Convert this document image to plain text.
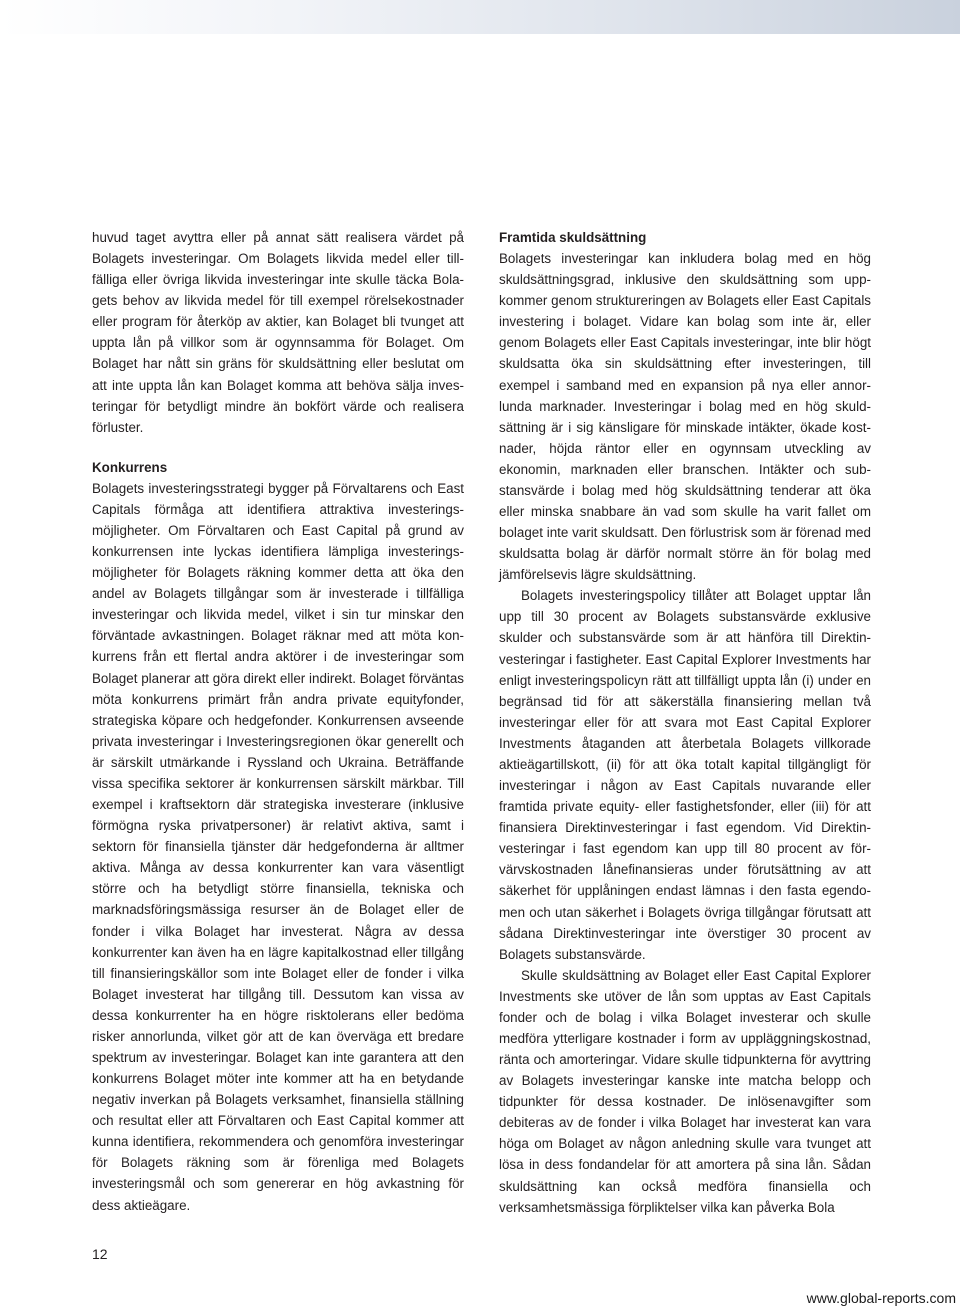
huvud taget avyttra eller på annat sätt realisera värdet på Bolagets investeringar. Om Bolagets likvida medel eller tillfälliga eller övriga likvida investeringar inte skulle täcka Bolagets behov av likvida medel för till exempel rörelsekostnader eller program för återköp av aktier, kan Bolaget bli tvunget att uppta lån på villkor som är ogynnsamma för Bolaget. Om Bolaget har nått sin gräns för skuldsättning eller beslutat om att inte uppta lån kan Bolaget komma att behöva sälja investeringar för betydligt mindre än bokfört värde och realisera förluster.

Konkurrens

Bolagets investeringsstrategi bygger på Förvaltarens och East Capitals förmåga att identifiera attraktiva investeringsmöjligheter. Om Förvaltaren och East Capital på grund av konkurrensen inte lyckas identifiera lämpliga investeringsmöjligheter för Bolagets räkning kommer detta att öka den andel av Bolagets tillgångar som är investerade i tillfälliga investeringar och likvida medel, vilket i sin tur minskar den förväntade avkastningen. Bolaget räknar med att möta konkurrens från ett flertal andra aktörer i de investeringar som Bolaget planerar att göra direkt eller indirekt. Bolaget förväntas möta konkurrens primärt från andra private equityfonder, strategiska köpare och hedgefonder. Konkurrensen avseende privata investeringar i Investeringsregionen ökar generellt och är särskilt utmärkande i Ryssland och Ukraina. Beträffande vissa specifika sektorer är konkurrensen särskilt märkbar. Till exempel i kraftsektorn där strategiska investerare (inklusive förmögna ryska privatpersoner) är relativt aktiva, samt i sektorn för finansiella tjänster där hedgefonderna är alltmer aktiva. Många av dessa konkurrenter kan vara väsentligt större och ha betydligt större finansiella, tekniska och marknadsföringsmässiga resurser än de Bolaget eller de fonder i vilka Bolaget har investerat. Några av dessa konkurrenter kan även ha en lägre kapitalkostnad eller tillgång till finansieringskällor som inte Bolaget eller de fonder i vilka Bolaget investerat har tillgång till. Dessutom kan vissa av dessa konkurrenter ha en högre risktolerans eller bedöma risker annorlunda, vilket gör att de kan överväga ett bredare spektrum av investeringar. Bolaget kan inte garantera att den konkurrens Bolaget möter inte kommer att ha en betydande negativ inverkan på Bolagets verksamhet, finansiella ställning och resultat eller att Förvaltaren och East Capital kommer att kunna identifiera, rekommendera och genomföra investeringar för Bolagets räkning som är förenliga med Bolagets investeringsmål och som genererar en hög avkastning för dess aktieägare.

Framtida skuldsättning

Bolagets investeringar kan inkludera bolag med en hög skuldsättningsgrad, inklusive den skuldsättning som uppkommer genom struktureringen av Bolagets eller East Capitals investering i bolaget. Vidare kan bolag som inte är, eller genom Bolagets eller East Capitals investeringar, inte blir högt skuldsatta öka sin skuldsättning efter investeringen, till exempel i samband med en expansion på nya eller annorlunda marknader. Investeringar i bolag med en hög skuldsättning är i sig känsligare för minskade intäkter, ökade kostnader, höjda räntor eller en ogynnsam utveckling av ekonomin, marknaden eller branschen. Intäkter och substansvärde i bolag med hög skuldsättning tenderar att öka eller minska snabbare än vad som skulle ha varit fallet om bolaget inte varit skuldsatt. Den förlustrisk som är förenad med skuldsatta bolag är därför normalt större än för bolag med jämförelsevis lägre skuldsättning.

Bolagets investeringspolicy tillåter att Bolaget upptar lån upp till 30 procent av Bolagets substansvärde exklusive skulder och substansvärde som är att hänföra till Direktinvesteringar i fastigheter. East Capital Explorer Investments har enligt investeringspolicyn rätt att tillfälligt uppta lån (i) under en begränsad tid för att säkerställa finansiering mellan två investeringar eller för att svara mot East Capital Explorer Investments åtaganden att återbetala Bolagets villkorade aktieägartillskott, (ii) för att öka totalt kapital tillgängligt för investeringar i någon av East Capitals nuvarande eller framtida private equity- eller fastighetsfonder, eller (iii) för att finansiera Direktinvesteringar i fast egendom. Vid Direktinvesteringar i fast egendom kan upp till 80 procent av förvärvskostnaden lånefinansieras under förutsättning av att säkerhet för upplåningen endast lämnas i den fasta egendomen och utan säkerhet i Bolagets övriga tillgångar förutsatt att sådana Direktinvesteringar inte överstiger 30 procent av Bolagets substansvärde.

Skulle skuldsättning av Bolaget eller East Capital Explorer Investments ske utöver de lån som upptas av East Capitals fonder och de bolag i vilka Bolaget investerar och skulle medföra ytterligare kostnader i form av uppläggningskostnad, ränta och amorteringar. Vidare skulle tidpunkterna för avyttring av Bolagets investeringar kanske inte matcha belopp och tidpunkter för dessa kostnader. De inlösenavgifter som debiteras av de fonder i vilka Bolaget har investerat kan vara höga om Bolaget av någon anledning skulle vara tvunget att lösa in dess fondandelar för att amortera på sina lån. Sådan skuldsättning kan också medföra finansiella och verksamhetsmässiga förpliktelser vilka kan påverka Bola

12
www.global-reports.com
